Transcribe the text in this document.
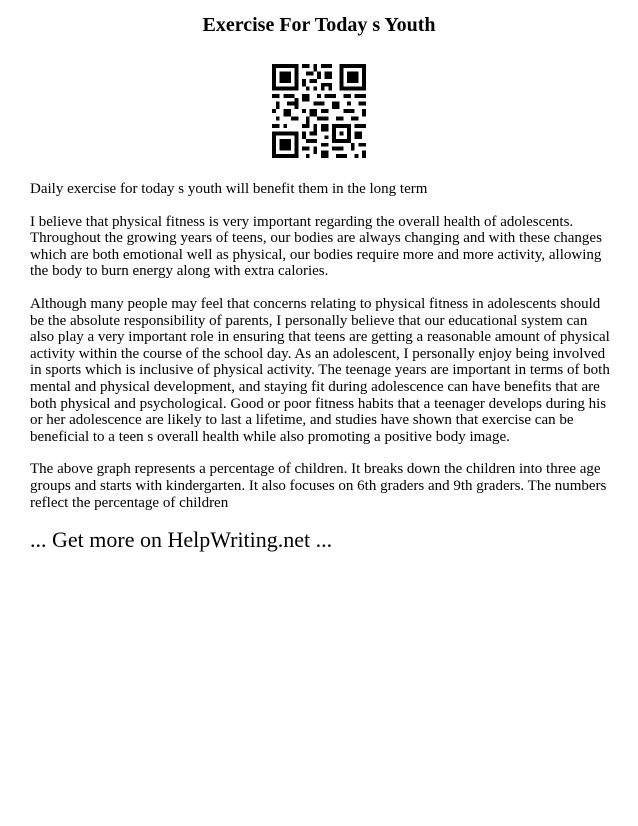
Exercise For Today s Youth

Daily exercise for today s youth will benefit them in the long term

I believe that physical fitness is very important regarding the overall health of adolescents. Throughout the growing years of teens, our bodies are always changing and with these changes which are both emotional well as physical, our bodies require more and more activity, allowing the body to burn energy along with extra calories.

Although many people may feel that concerns relating to physical fitness in adolescents should be the absolute responsibility of parents, I personally believe that our educational system can also play a very important role in ensuring that teens are getting a reasonable amount of physical activity within the course of the school day. As an adolescent, I personally enjoy being involved in sports which is inclusive of physical activity. The teenage years are important in terms of both mental and physical development, and staying fit during adolescence can have benefits that are both physical and psychological. Good or poor fitness habits that a teenager develops during his or her adolescence are likely to last a lifetime, and studies have shown that exercise can be beneficial to a teen s overall health while also promoting a positive body image.

The above graph represents a percentage of children. It breaks down the children into three age groups and starts with kindergarten. It also focuses on 6th graders and 9th graders. The numbers reflect the percentage of children

... Get more on HelpWriting.net ...
